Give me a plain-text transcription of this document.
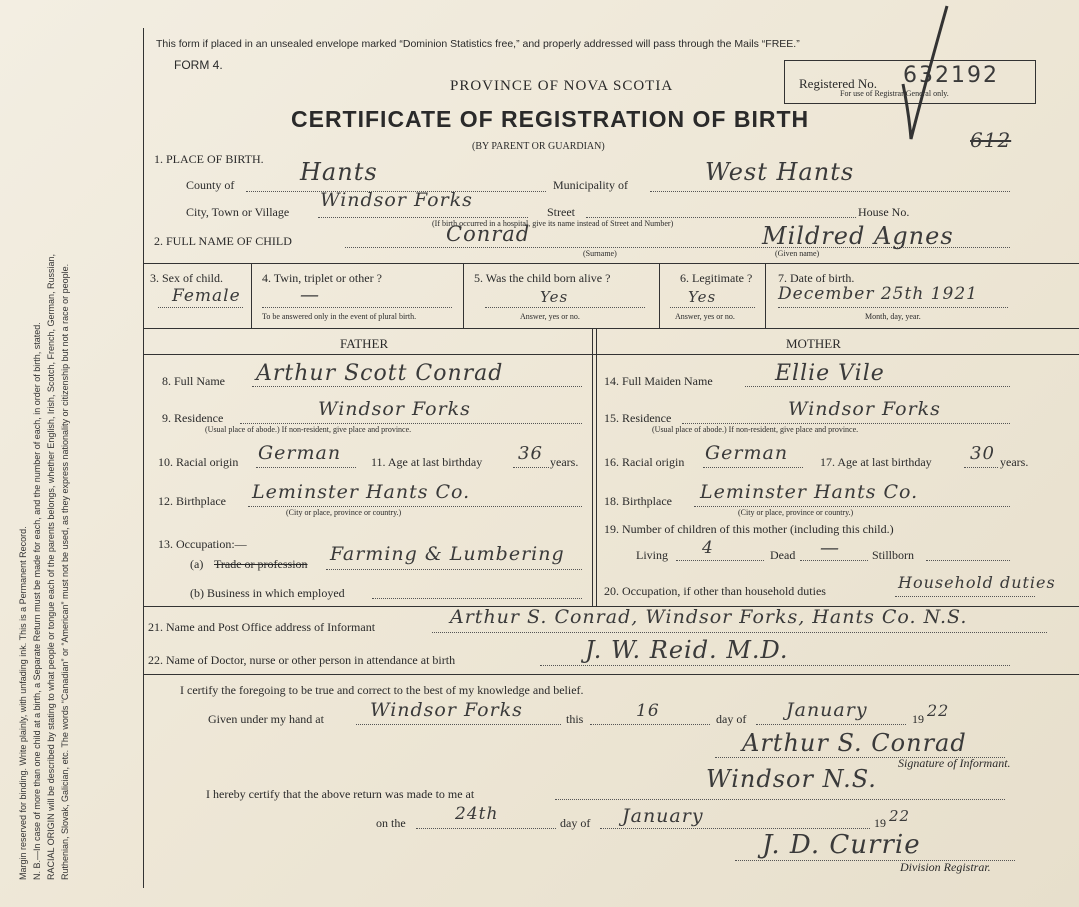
Margin reserved for binding. Write plainly, with unfading ink. This is a Permanent Record. N. B.—In case of more than one child at a birth, a Separate Return must be made for each, and the number of each, in order of birth, stated. RACIAL ORIGIN will be described by stating to what people or tongue each of the parents belongs, whether English, Irish, Scotch, French, German, Russian, Ruthenian, Slovak, Galician, etc. The words “Canadian” or “American” must not be used, as they express nationality or citizenship but not a race or people.
This form if placed in an unsealed envelope marked “Dominion Statistics free,” and properly addressed will pass through the Mails “FREE.”
FORM 4.
PROVINCE OF NOVA SCOTIA
CERTIFICATE OF REGISTRATION OF BIRTH
(BY PARENT OR GUARDIAN)
Registered No. 632192
For use of Registrar General only.
612
1. PLACE OF BIRTH.
County of	Hants	Municipality of	West Hants
City, Town or Village
Windsor Forks
Street	House No.
(If birth occurred in a hospital, give its name instead of Street and Number)
2. FULL NAME OF CHILD	Conrad	Mildred Agnes
(Surname)	(Given name)
3. Sex of child.
Female
4. Twin, triplet or other ?
—
To be answered only in the event of plural birth.
5. Was the child born alive ?
Yes
Answer, yes or no.
6. Legitimate ?
Yes
Answer, yes or no.
7. Date of birth.
December 25th 1921
Month, day, year.
FATHER	MOTHER
8. Full Name Arthur Scott Conrad
9. Residence	Windsor Forks
(Usual place of abode.) If non-resident, give place and province.
10. Racial origin German 11. Age at last birthday 36 years.
12. Birthplace Leminster Hants Co.
(City or place, province or country.)
13. Occupation:—
(a) Trade or profession Farming & Lumbering
(b) Business in which employed
14. Full Maiden Name	Ellie Vile
15. Residence	Windsor Forks
(Usual place of abode.) If non-resident, give place and province.
16. Racial origin German	17. Age at last birthday 30 years.
18. Birthplace Leminster Hants Co.
(City or place, province or country.)
19. Number of children of this mother (including this child.)
Living 4	Dead —	Stillborn
20. Occupation, if other than household duties	Household duties
21. Name and Post Office address of Informant	Arthur S. Conrad, Windsor Forks, Hants Co. N.S.
22. Name of Doctor, nurse or other person in attendance at birth	J. W. Reid. M.D.
I certify the foregoing to be true and correct to the best of my knowledge and belief.
Given under my hand at Windsor Forks	this	16	day of January	19 22
Arthur S. Conrad
Signature of Informant.
I hereby certify that the above return was made to me at
Windsor N.S.
on the	24th	day of January	19 22
J. D. Currie
Division Registrar.
